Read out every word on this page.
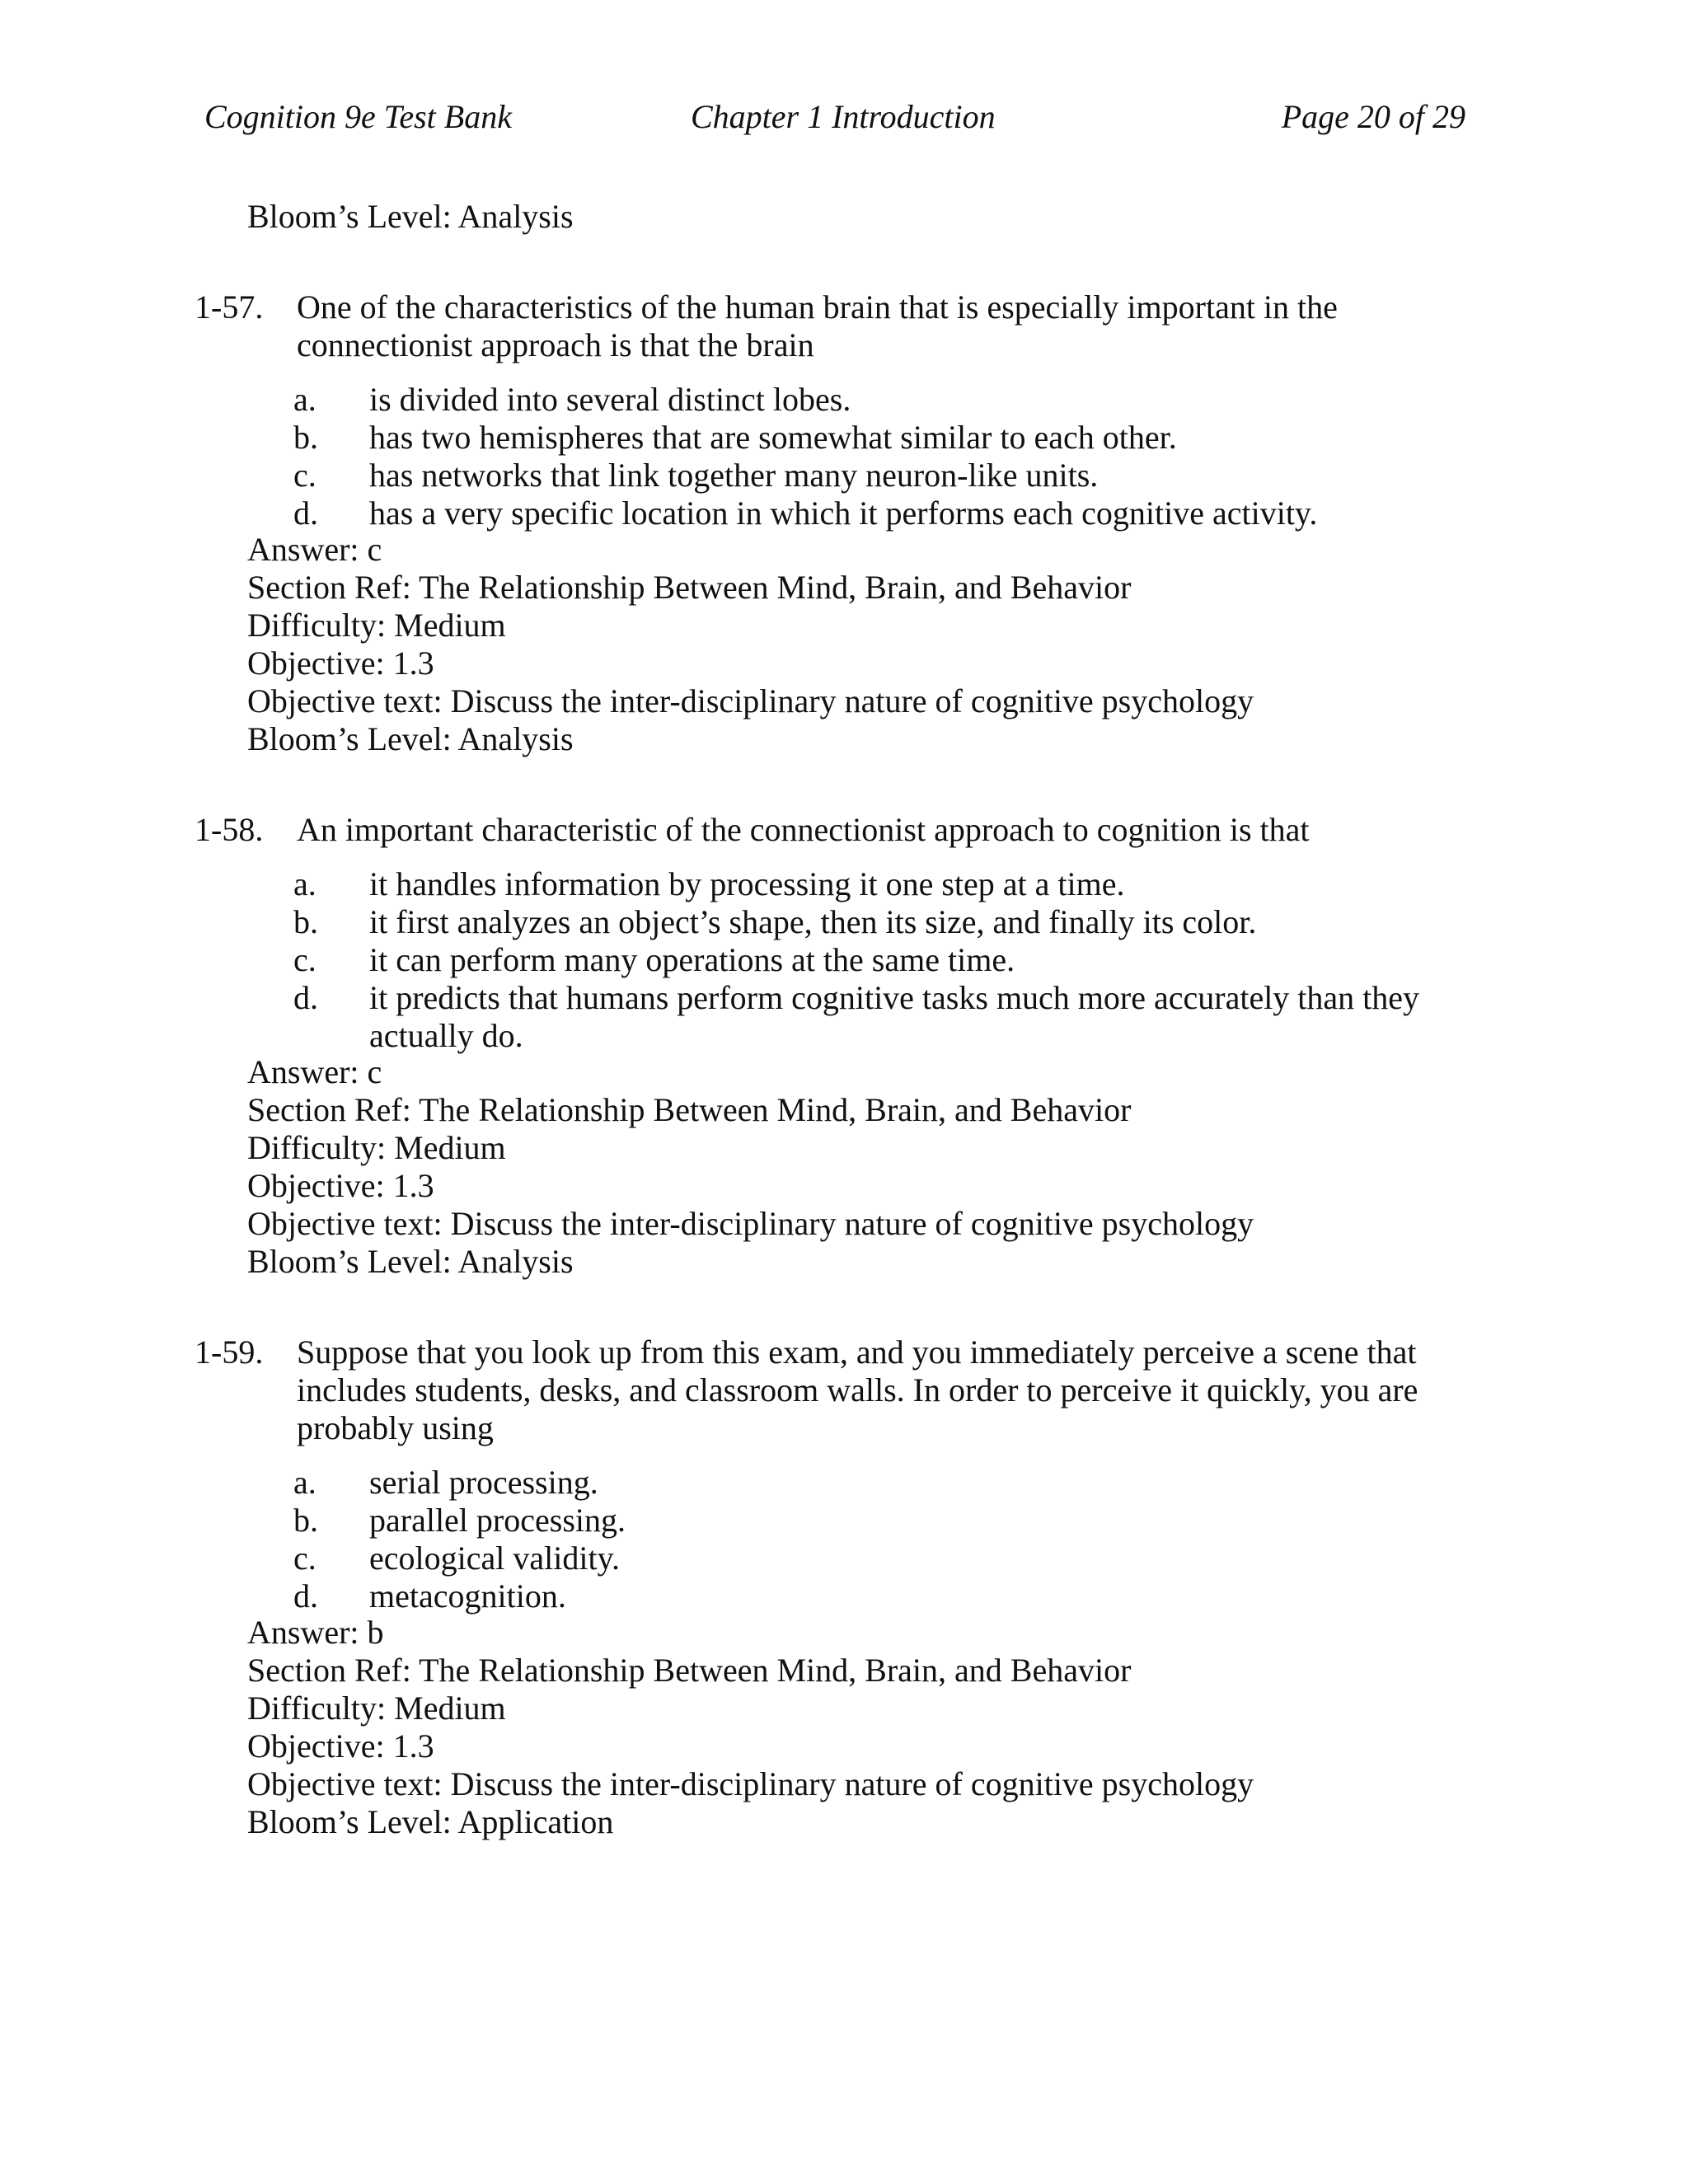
Cognition 9e Test Bank	Chapter 1 Introduction	Page 20 of 29
Bloom’s Level: Analysis
1-57. One of the characteristics of the human brain that is especially important in the connectionist approach is that the brain
a. is divided into several distinct lobes.
b. has two hemispheres that are somewhat similar to each other.
c. has networks that link together many neuron-like units.
d. has a very specific location in which it performs each cognitive activity.
Answer: c
Section Ref: The Relationship Between Mind, Brain, and Behavior
Difficulty: Medium
Objective: 1.3
Objective text: Discuss the inter-disciplinary nature of cognitive psychology
Bloom’s Level: Analysis
1-58. An important characteristic of the connectionist approach to cognition is that
a. it handles information by processing it one step at a time.
b. it first analyzes an object’s shape, then its size, and finally its color.
c. it can perform many operations at the same time.
d. it predicts that humans perform cognitive tasks much more accurately than they actually do.
Answer: c
Section Ref: The Relationship Between Mind, Brain, and Behavior
Difficulty: Medium
Objective: 1.3
Objective text: Discuss the inter-disciplinary nature of cognitive psychology
Bloom’s Level: Analysis
1-59. Suppose that you look up from this exam, and you immediately perceive a scene that includes students, desks, and classroom walls. In order to perceive it quickly, you are probably using
a. serial processing.
b. parallel processing.
c. ecological validity.
d. metacognition.
Answer: b
Section Ref: The Relationship Between Mind, Brain, and Behavior
Difficulty: Medium
Objective: 1.3
Objective text: Discuss the inter-disciplinary nature of cognitive psychology
Bloom’s Level: Application
